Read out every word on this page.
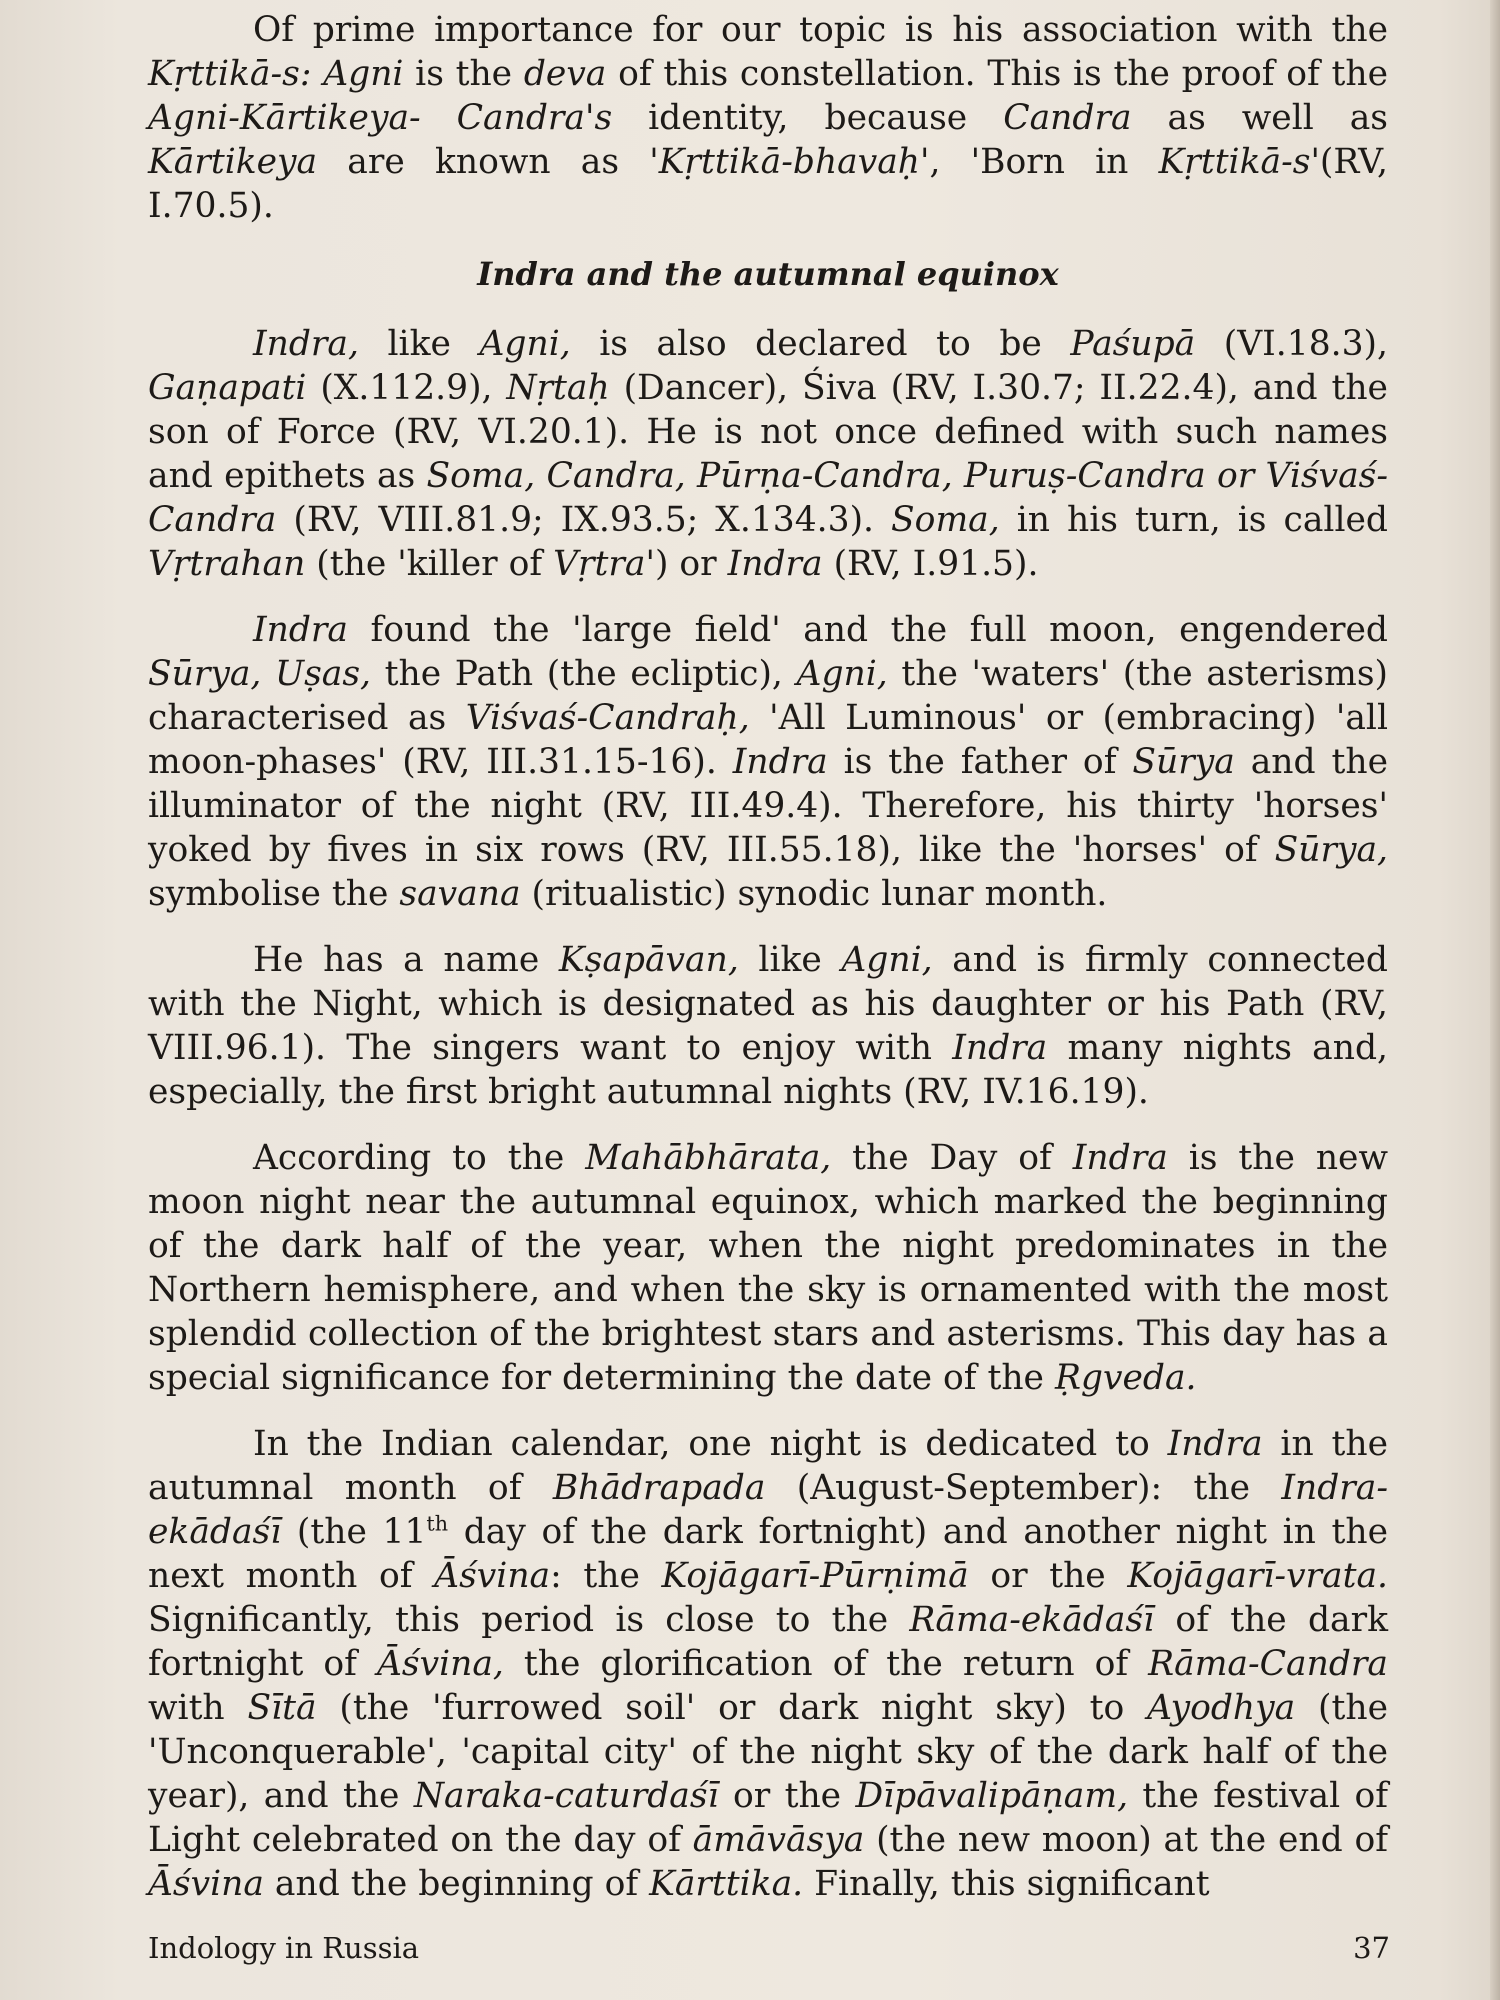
Of prime importance for our topic is his association with the Kṛttikā-s: Agni is the deva of this constellation. This is the proof of the Agni-Kārtikeya- Candra's identity, because Candra as well as Kārtikeya are known as 'Kṛttikā-bhavaḥ', 'Born in Kṛttikā-s'(RV, I.70.5).

Indra and the autumnal equinox

Indra, like Agni, is also declared to be Paśupā (VI.18.3), Gaṇapati (X.112.9), Nṛtaḥ (Dancer), Śiva (RV, I.30.7; II.22.4), and the son of Force (RV, VI.20.1). He is not once defined with such names and epithets as Soma, Candra, Pūrṇa-Candra, Puruṣ-Candra or Viśvaś- Candra (RV, VIII.81.9; IX.93.5; X.134.3). Soma, in his turn, is called Vṛtrahan (the 'killer of Vṛtra') or Indra (RV, I.91.5).

Indra found the 'large field' and the full moon, engendered Sūrya, Uṣas, the Path (the ecliptic), Agni, the 'waters' (the asterisms) characterised as Viśvaś-Candraḥ, 'All Luminous' or (embracing) 'all moon-phases' (RV, III.31.15-16). Indra is the father of Sūrya and the illuminator of the night (RV, III.49.4). Therefore, his thirty 'horses' yoked by fives in six rows (RV, III.55.18), like the 'horses' of Sūrya, symbolise the savana (ritualistic) synodic lunar month.

He has a name Kṣapāvan, like Agni, and is firmly connected with the Night, which is designated as his daughter or his Path (RV, VIII.96.1). The singers want to enjoy with Indra many nights and, especially, the first bright autumnal nights (RV, IV.16.19).

According to the Mahābhārata, the Day of Indra is the new moon night near the autumnal equinox, which marked the beginning of the dark half of the year, when the night predominates in the Northern hemisphere, and when the sky is ornamented with the most splendid collection of the brightest stars and asterisms. This day has a special significance for determining the date of the Ṛgveda.

In the Indian calendar, one night is dedicated to Indra in the autumnal month of Bhādrapada (August-September): the Indra-ekādaśī (the 11th day of the dark fortnight) and another night in the next month of Āśvina: the Kojāgarī-Pūrṇimā or the Kojāgarī-vrata. Significantly, this period is close to the Rāma-ekādaśī of the dark fortnight of Āśvina, the glorification of the return of Rāma-Candra with Sītā (the 'furrowed soil' or dark night sky) to Ayodhya (the 'Unconquerable', 'capital city' of the night sky of the dark half of the year), and the Naraka-caturdaśī or the Dīpāvalipāṇam, the festival of Light celebrated on the day of āmāvāsya (the new moon) at the end of Āśvina and the beginning of Kārttika. Finally, this significant

Indology in Russia	37
